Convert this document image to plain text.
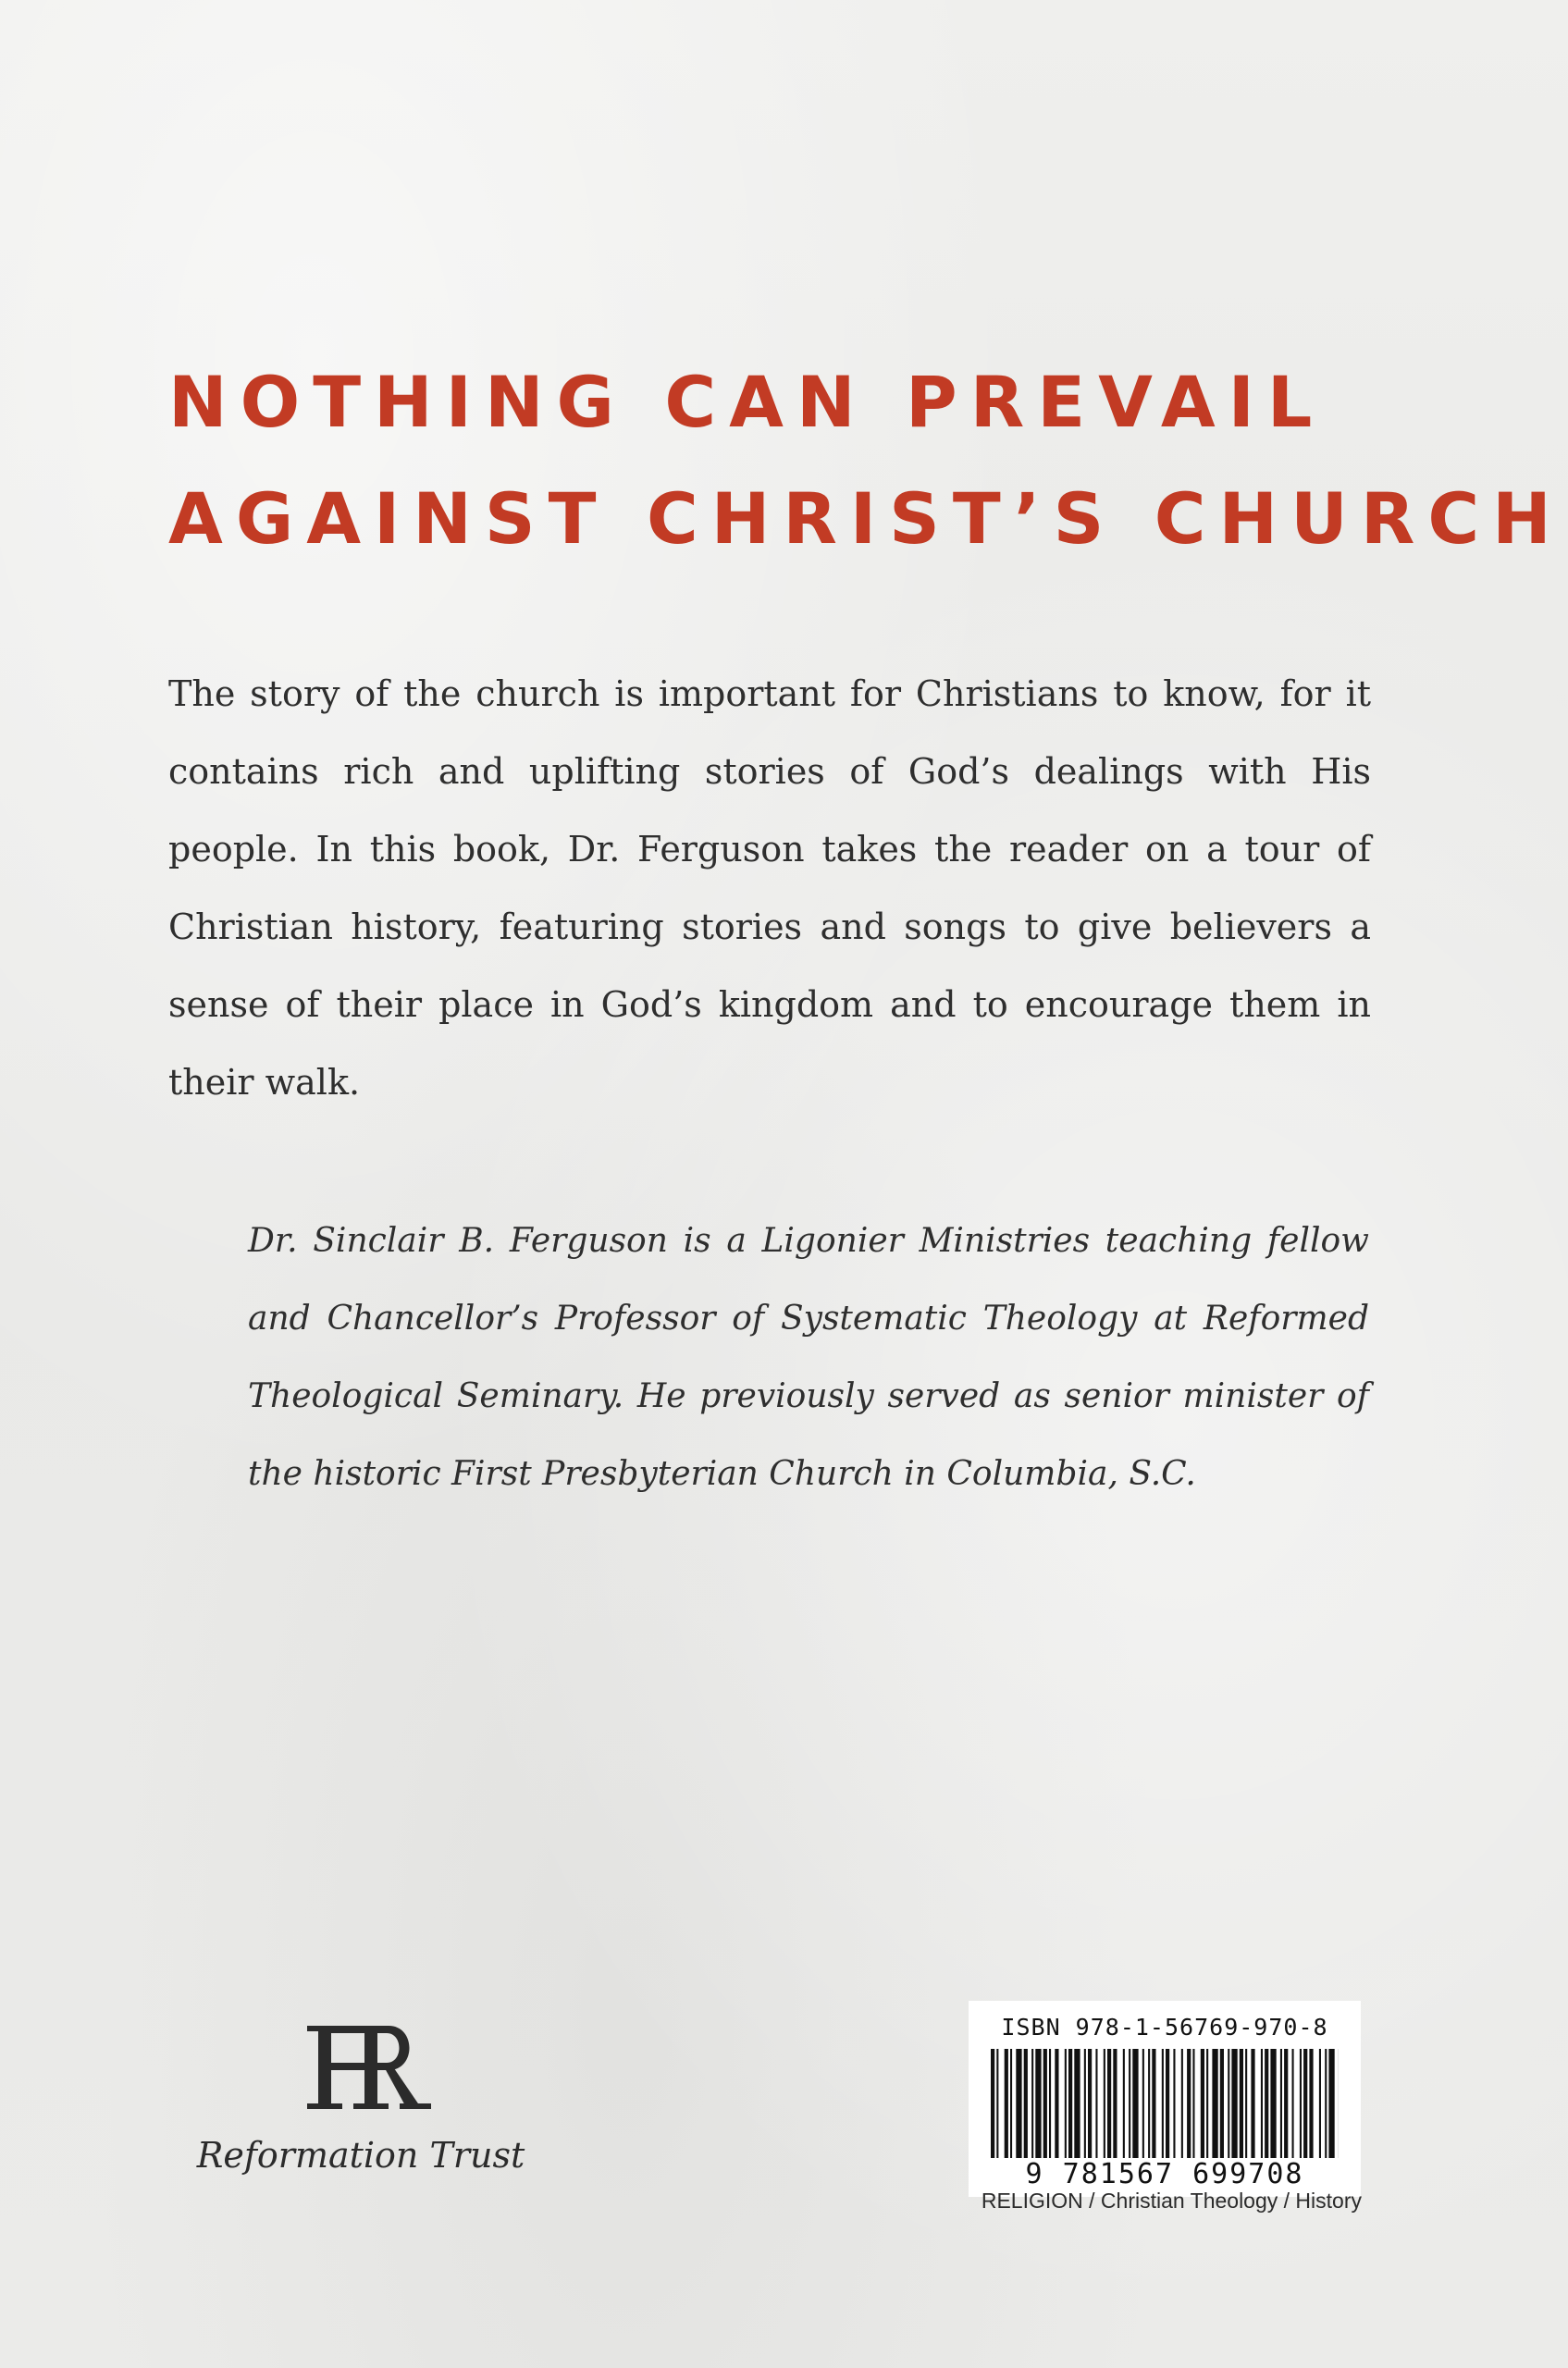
NOTHING CAN PREVAIL
AGAINST CHRIST’S CHURCH

The story of the church is important for Christians to know, for it contains rich and uplifting stories of God’s dealings with His people. In this book, Dr. Ferguson takes the reader on a tour of Christian history, featuring stories and songs to give believers a sense of their place in God’s kingdom and to encourage them in their walk.

Dr. Sinclair B. Ferguson is a Ligonier Ministries teaching fellow and Chancellor’s Professor of Systematic Theology at Reformed Theological Seminary. He previously served as senior minister of the historic First Presbyterian Church in Columbia, S.C.

Reformation Trust
ISBN 978-1-56769-970-8
9 781567 699708

RELIGION / Christian Theology / History
